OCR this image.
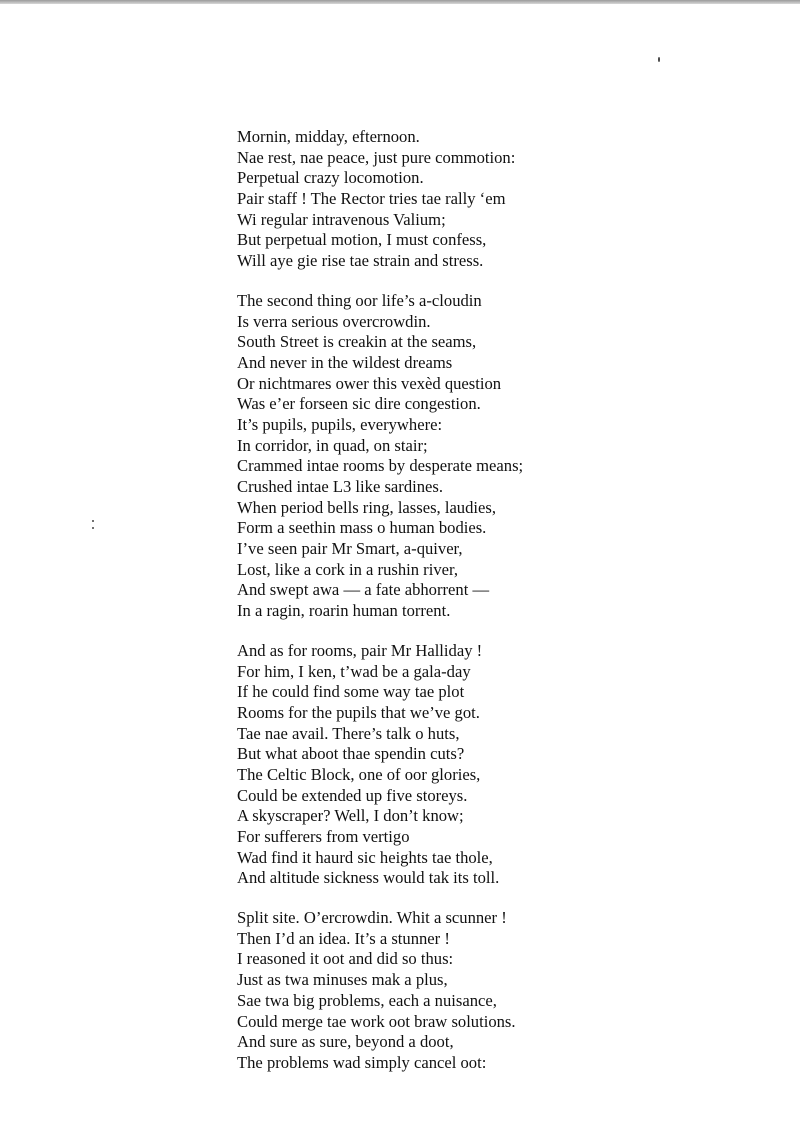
Mornin, midday, efternoon.
Nae rest, nae peace, just pure commotion:
Perpetual crazy locomotion.
Pair staff ! The Rector tries tae rally ‘em
Wi regular intravenous Valium;
But perpetual motion, I must confess,
Will aye gie rise tae strain and stress.
The second thing oor life’s a-cloudin
Is verra serious overcrowdin.
South Street is creakin at the seams,
And never in the wildest dreams
Or nichtmares ower this vexèd question
Was e’er forseen sic dire congestion.
It’s pupils, pupils, everywhere:
In corridor, in quad, on stair;
Crammed intae rooms by desperate means;
Crushed intae L3 like sardines.
When period bells ring, lasses, laudies,
Form a seethin mass o human bodies.
I’ve seen pair Mr Smart, a-quiver,
Lost, like a cork in a rushin river,
And swept awa — a fate abhorrent —
In a ragin, roarin human torrent.
And as for rooms, pair Mr Halliday !
For him, I ken, t’wad be a gala-day
If he could find some way tae plot
Rooms for the pupils that we’ve got.
Tae nae avail. There’s talk o huts,
But what aboot thae spendin cuts?
The Celtic Block, one of oor glories,
Could be extended up five storeys.
A skyscraper? Well, I don’t know;
For sufferers from vertigo
Wad find it haurd sic heights tae thole,
And altitude sickness would tak its toll.
Split site. O’ercrowdin. Whit a scunner !
Then I’d an idea. It’s a stunner !
I reasoned it oot and did so thus:
Just as twa minuses mak a plus,
Sae twa big problems, each a nuisance,
Could merge tae work oot braw solutions.
And sure as sure, beyond a doot,
The problems wad simply cancel oot:
